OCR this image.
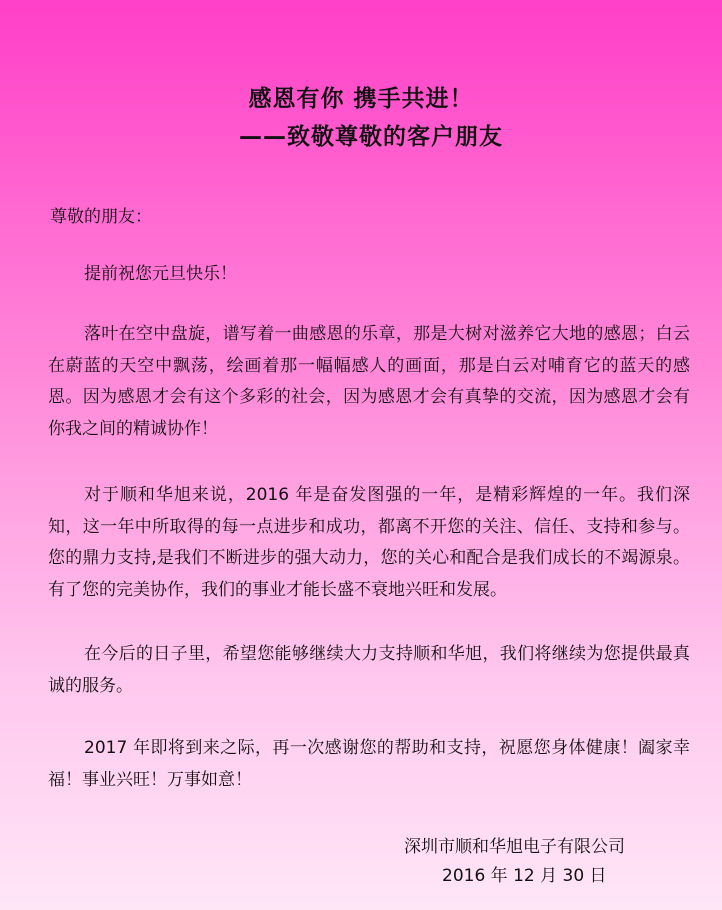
感恩有你 携手共进！
——致敬尊敬的客户朋友
尊敬的朋友：

提前祝您元旦快乐！

落叶在空中盘旋，谱写着一曲感恩的乐章，那是大树对滋养它大地的感恩；白云在蔚蓝的天空中飘荡，绘画着那一幅幅感人的画面，那是白云对哺育它的蓝天的感恩。因为感恩才会有这个多彩的社会，因为感恩才会有真挚的交流，因为感恩才会有你我之间的精诚协作！

对于顺和华旭来说，2016 年是奋发图强的一年，是精彩辉煌的一年。我们深知，这一年中所取得的每一点进步和成功，都离不开您的关注、信任、支持和参与。您的鼎力支持,是我们不断进步的强大动力，您的关心和配合是我们成长的不竭源泉。有了您的完美协作，我们的事业才能长盛不衰地兴旺和发展。

在今后的日子里，希望您能够继续大力支持顺和华旭，我们将继续为您提供最真诚的服务。

2017 年即将到来之际，再一次感谢您的帮助和支持，祝愿您身体健康！阖家幸福！事业兴旺！万事如意！

深圳市顺和华旭电子有限公司
2016 年 12 月 30 日
